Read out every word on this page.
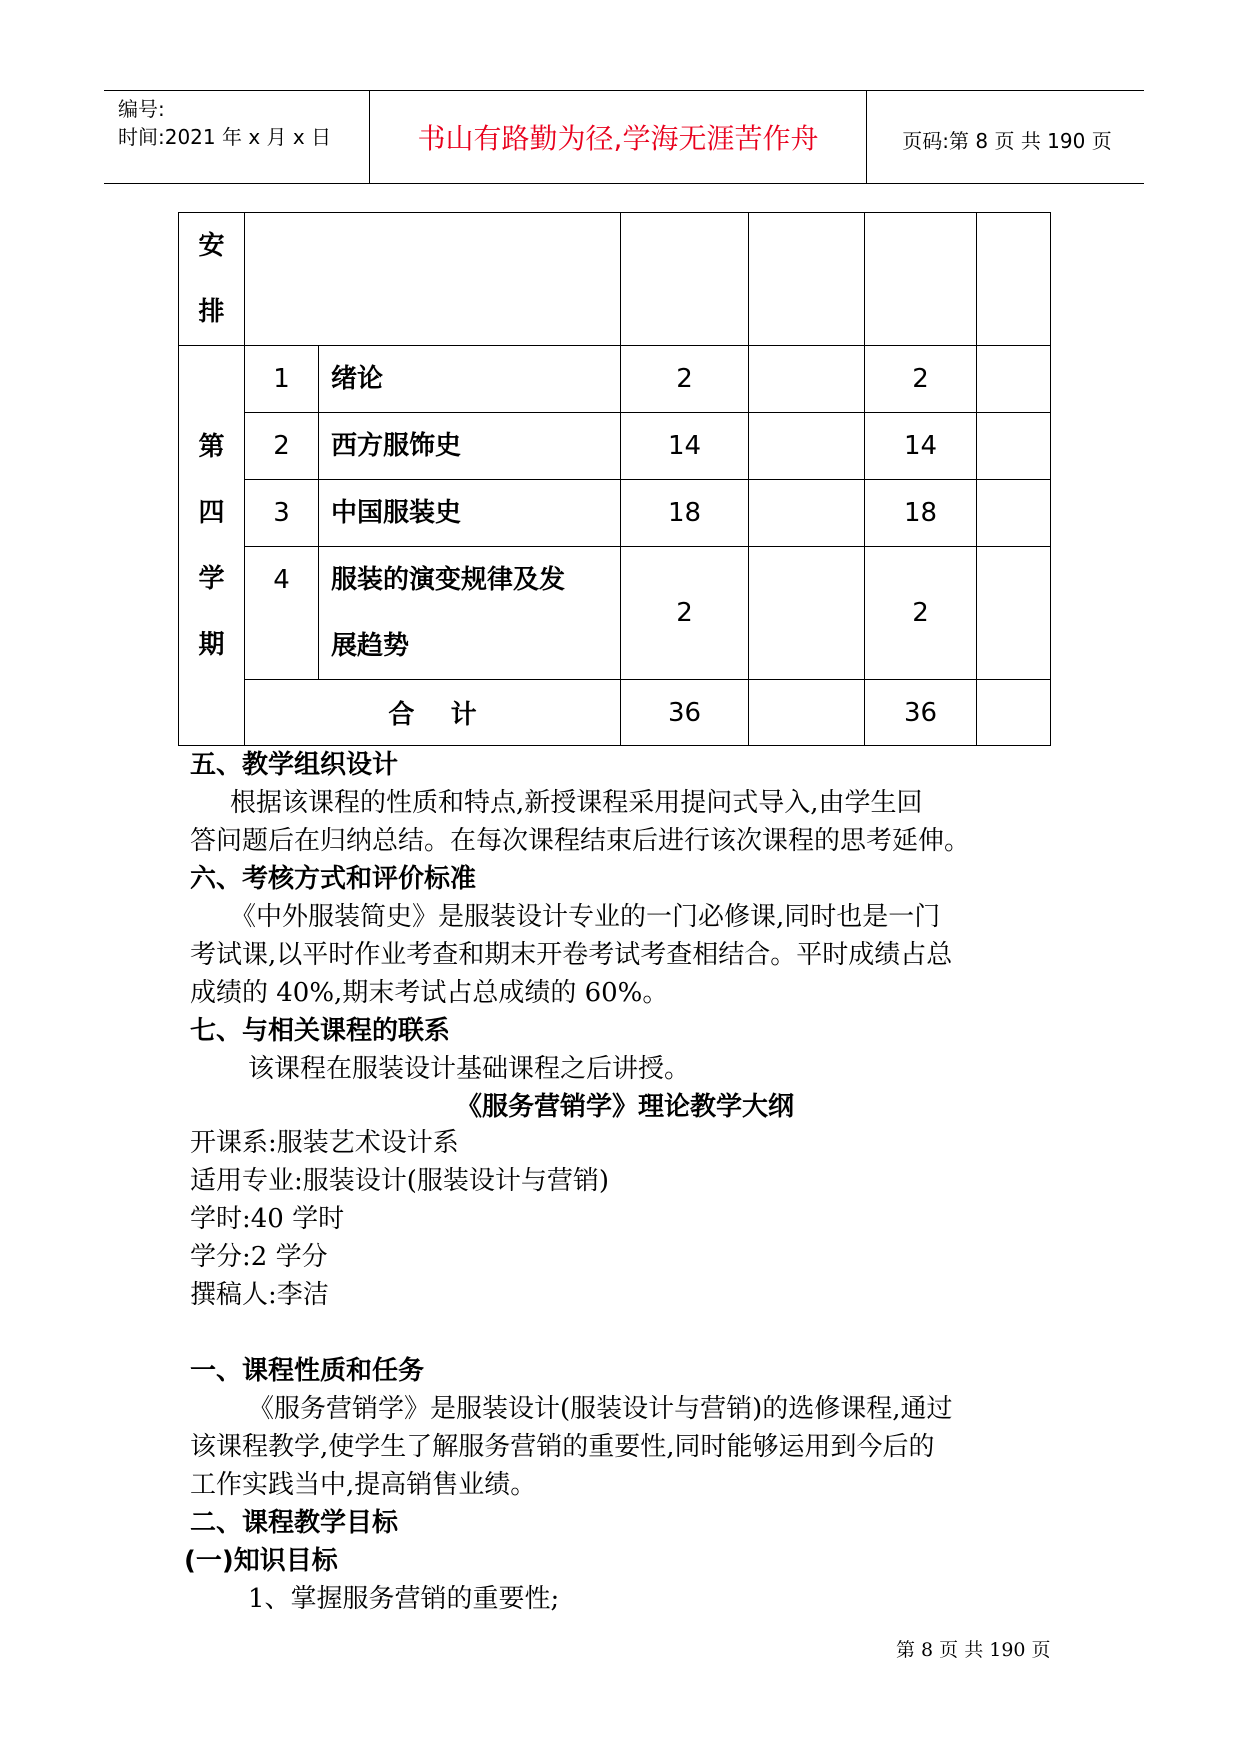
编号:
时间:2021 年 x 月 x 日	书山有路勤为径,学海无涯苦作舟	页码:第 8 页 共 190 页
安
排						

第
四
学
期	1	绪论	2		2	
	2	西方服饰史	14		14	
	3	中国服装史	18		18	
	4	服装的演变规律及发
展趋势	2		2	
	合    计		36		36	
五、教学组织设计
根据该课程的性质和特点,新授课程采用提问式导入,由学生回
答问题后在归纳总结。在每次课程结束后进行该次课程的思考延伸。
六、考核方式和评价标准
《中外服装简史》是服装设计专业的一门必修课,同时也是一门
考试课,以平时作业考查和期末开卷考试考查相结合。平时成绩占总
成绩的 40%,期末考试占总成绩的 60%。
七、与相关课程的联系
该课程在服装设计基础课程之后讲授。
《服务营销学》理论教学大纲
开课系:服装艺术设计系
适用专业:服装设计(服装设计与营销)
学时:40 学时
学分:2 学分
撰稿人:李洁
一、课程性质和任务
《服务营销学》是服装设计(服装设计与营销)的选修课程,通过
该课程教学,使学生了解服务营销的重要性,同时能够运用到今后的
工作实践当中,提高销售业绩。
二、课程教学目标
(一)知识目标
1、掌握服务营销的重要性;
第 8 页 共 190 页
